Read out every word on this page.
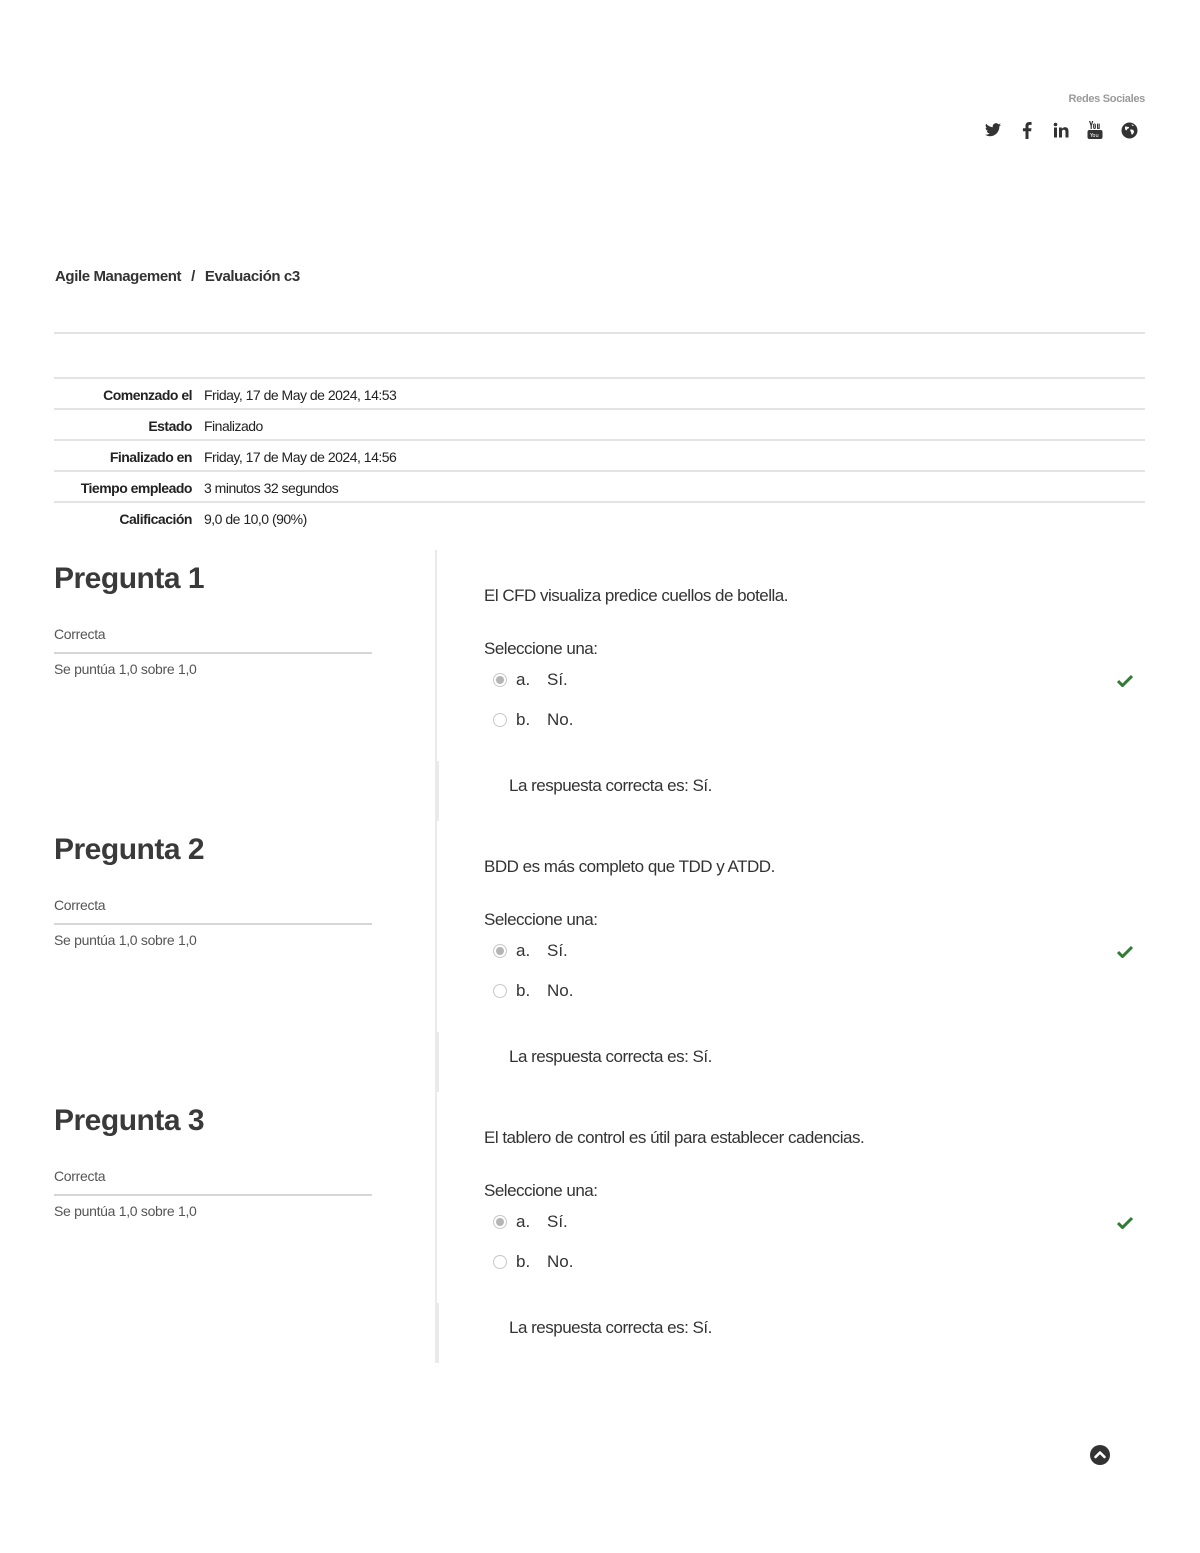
Redes Sociales
You
Agile Management / Evaluación c3
Comenzado el	Friday, 17 de May de 2024, 14:53
Estado	Finalizado
Finalizado en	Friday, 17 de May de 2024, 14:56
Tiempo empleado	3 minutos 32 segundos
Calificación	9,0 de 10,0 (90%)
Pregunta 1
Correcta
Se puntúa 1,0 sobre 1,0
El CFD visualiza predice cuellos de botella.
Seleccione una:
a. Sí.
b. No.
La respuesta correcta es: Sí.
Pregunta 2
Correcta
Se puntúa 1,0 sobre 1,0
BDD es más completo que TDD y ATDD.
Seleccione una:
a. Sí.
b. No.
La respuesta correcta es: Sí.
Pregunta 3
Correcta
Se puntúa 1,0 sobre 1,0
El tablero de control es útil para establecer cadencias.
Seleccione una:
a. Sí.
b. No.
La respuesta correcta es: Sí.
